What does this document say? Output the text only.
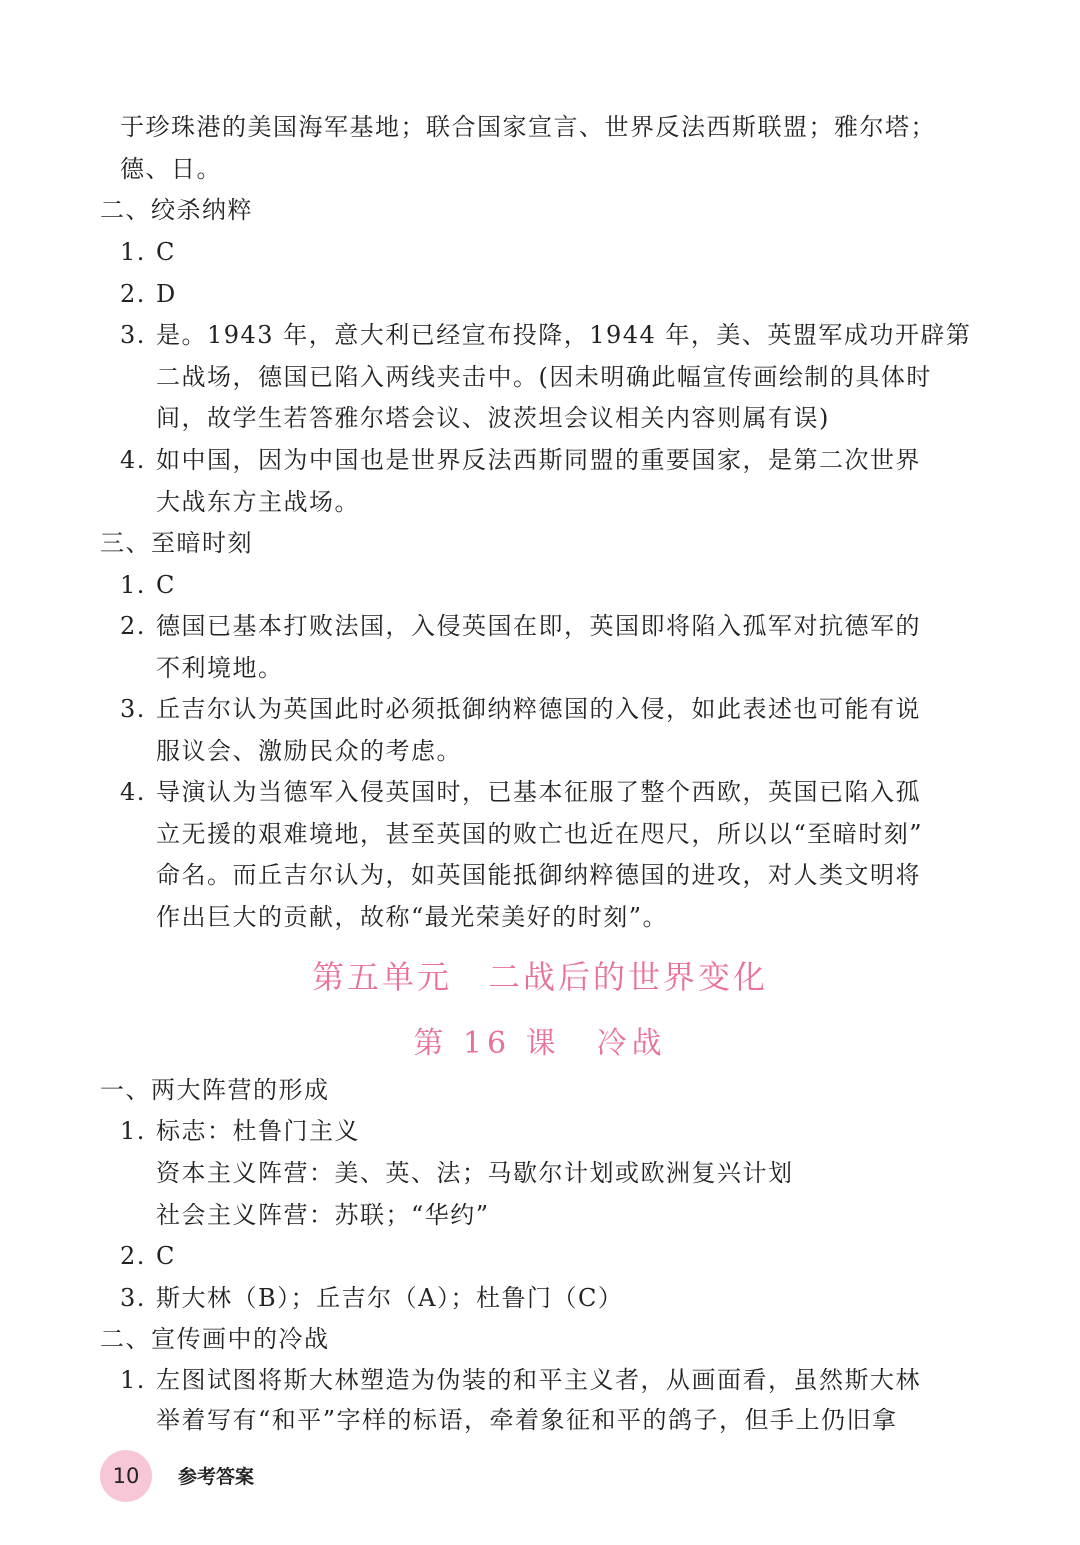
于珍珠港的美国海军基地；联合国家宣言、世界反法西斯联盟；雅尔塔；
德、日。
二、绞杀纳粹
1. C
2. D
3. 是。1943 年，意大利已经宣布投降，1944 年，美、英盟军成功开辟第
二战场，德国已陷入两线夹击中。(因未明确此幅宣传画绘制的具体时
间，故学生若答雅尔塔会议、波茨坦会议相关内容则属有误)
4. 如中国，因为中国也是世界反法西斯同盟的重要国家，是第二次世界
大战东方主战场。
三、至暗时刻
1. C
2. 德国已基本打败法国，入侵英国在即，英国即将陷入孤军对抗德军的
不利境地。
3. 丘吉尔认为英国此时必须抵御纳粹德国的入侵，如此表述也可能有说
服议会、激励民众的考虑。
4. 导演认为当德军入侵英国时，已基本征服了整个西欧，英国已陷入孤
立无援的艰难境地，甚至英国的败亡也近在咫尺，所以以“至暗时刻”
命名。而丘吉尔认为，如英国能抵御纳粹德国的进攻，对人类文明将
作出巨大的贡献，故称“最光荣美好的时刻”。
第五单元 二战后的世界变化
第 16 课 冷战
一、两大阵营的形成
1. 标志：杜鲁门主义
资本主义阵营：美、英、法；马歇尔计划或欧洲复兴计划
社会主义阵营：苏联；“华约”
2. C
3. 斯大林（B）；丘吉尔（A）；杜鲁门（C）
二、宣传画中的冷战
1. 左图试图将斯大林塑造为伪装的和平主义者，从画面看，虽然斯大林
举着写有“和平”字样的标语，牵着象征和平的鸽子，但手上仍旧拿
10 参考答案
